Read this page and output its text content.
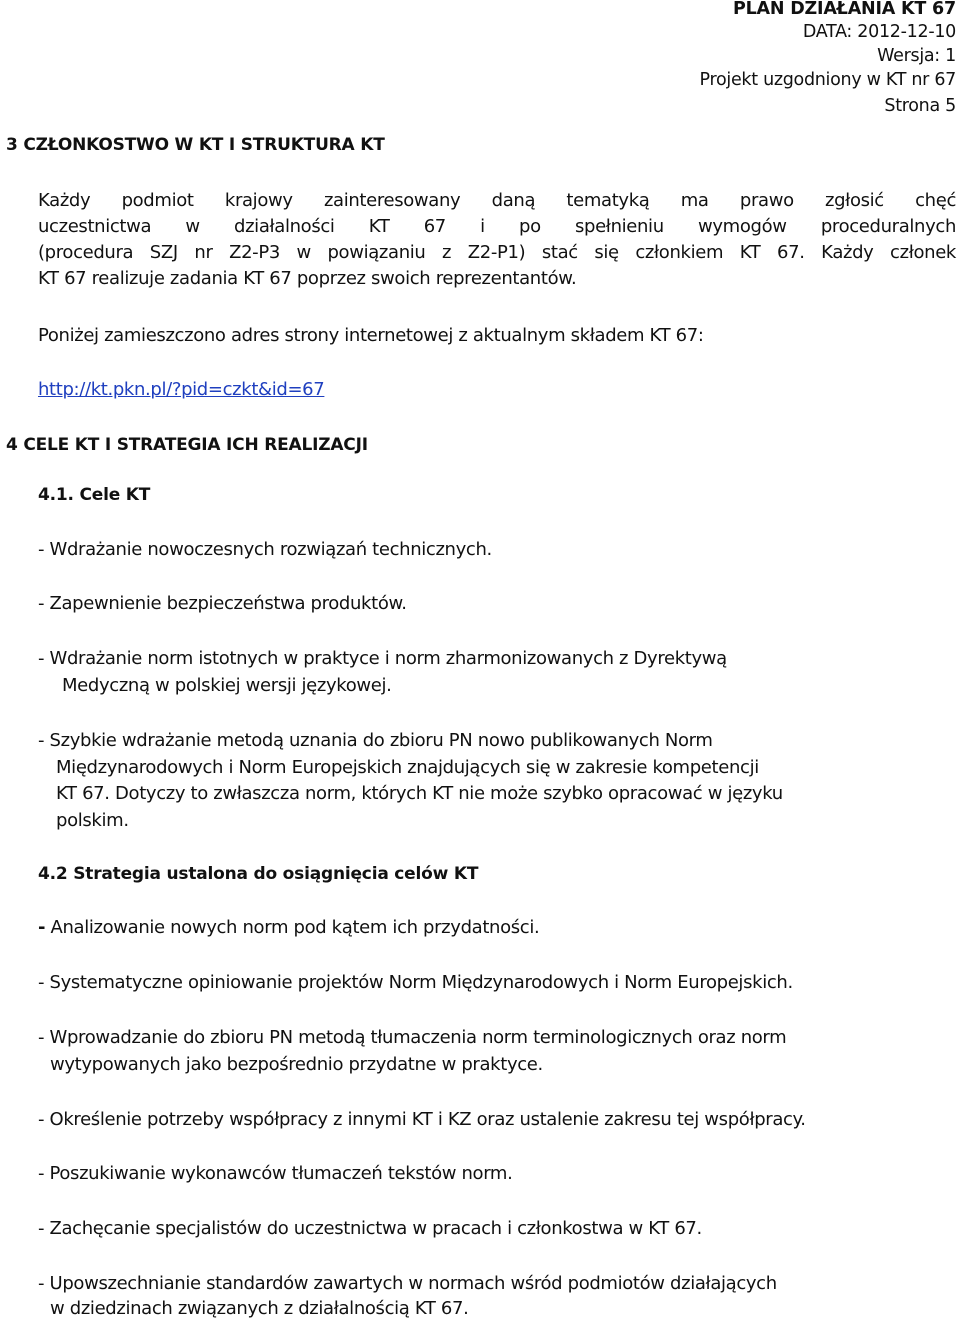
PLAN DZIAŁANIA KT 67
DATA: 2012-12-10
Wersja: 1
Projekt uzgodniony w KT nr 67
Strona 5
3 CZŁONKOSTWO W KT I STRUKTURA KT
Każdy podmiot krajowy zainteresowany daną tematyką ma prawo zgłosić chęć
uczestnictwa w działalności KT 67 i po spełnieniu wymogów proceduralnych
(procedura SZJ nr Z2-P3 w powiązaniu z Z2-P1) stać się członkiem KT 67. Każdy członek
KT 67 realizuje zadania KT 67 poprzez swoich reprezentantów.
Poniżej zamieszczono adres strony internetowej z aktualnym składem KT 67:
http://kt.pkn.pl/?pid=czkt&id=67
4 CELE KT I STRATEGIA ICH REALIZACJI
4.1. Cele KT
- Wdrażanie nowoczesnych rozwiązań technicznych.
- Zapewnienie bezpieczeństwa produktów.
- Wdrażanie norm istotnych w praktyce i norm zharmonizowanych z Dyrektywą
Medyczną w polskiej wersji językowej.
- Szybkie wdrażanie metodą uznania do zbioru PN nowo publikowanych Norm
Międzynarodowych i Norm Europejskich znajdujących się w zakresie kompetencji
KT 67. Dotyczy to zwłaszcza norm, których KT nie może szybko opracować w języku
polskim.
4.2 Strategia ustalona do osiągnięcia celów KT
- Analizowanie nowych norm pod kątem ich przydatności.
- Systematyczne opiniowanie projektów Norm Międzynarodowych i Norm Europejskich.
- Wprowadzanie do zbioru PN metodą tłumaczenia norm terminologicznych oraz norm
wytypowanych jako bezpośrednio przydatne w praktyce.
- Określenie potrzeby współpracy z innymi KT i KZ oraz ustalenie zakresu tej współpracy.
- Poszukiwanie wykonawców tłumaczeń tekstów norm.
- Zachęcanie specjalistów do uczestnictwa w pracach i członkostwa w KT 67.
- Upowszechnianie standardów zawartych w normach wśród podmiotów działających
w dziedzinach związanych z działalnością KT 67.
